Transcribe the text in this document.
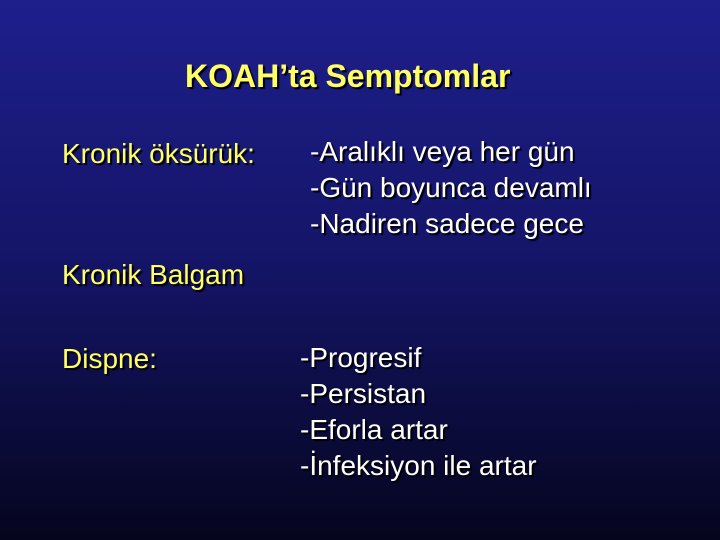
KOAH’ta Semptomlar
Kronik öksürük: -Aralıklı veya her gün
-Gün boyunca devamlı
-Nadiren sadece gece
Kronik Balgam
Dispne:	-Progresif
-Persistan
-Eforla artar
-İnfeksiyon ile artar
